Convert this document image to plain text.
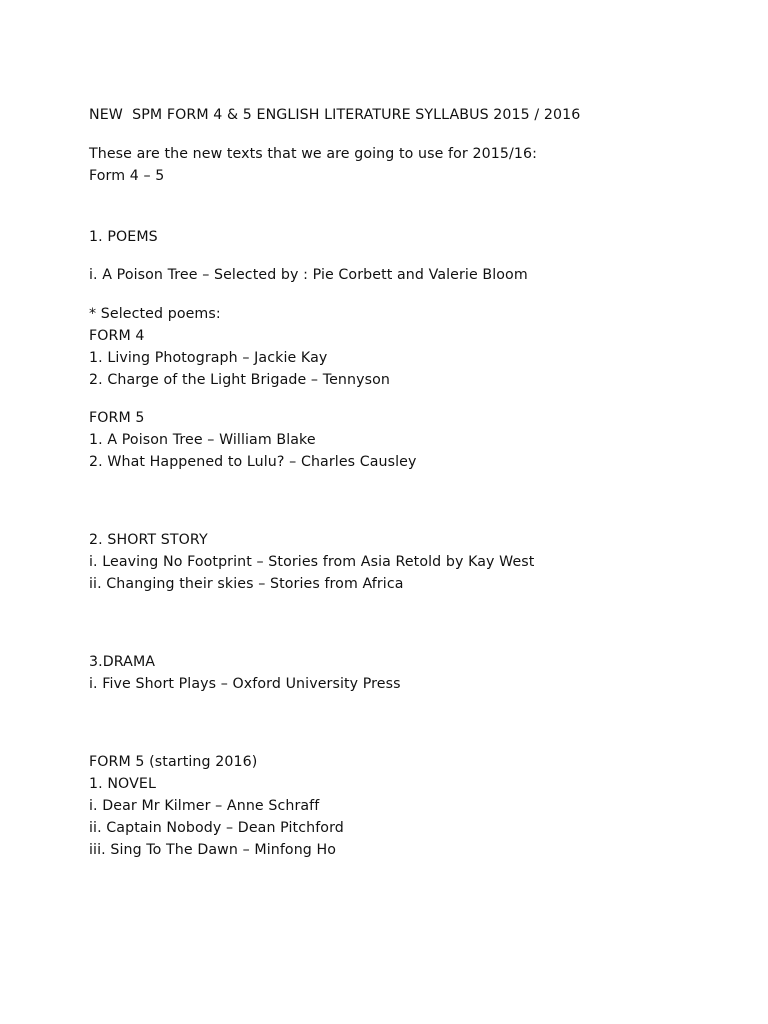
NEW  SPM FORM 4 & 5 ENGLISH LITERATURE SYLLABUS 2015 / 2016
These are the new texts that we are going to use for 2015/16:
Form 4 – 5
1. POEMS
i. A Poison Tree – Selected by : Pie Corbett and Valerie Bloom
* Selected poems:
FORM 4
1. Living Photograph – Jackie Kay
2. Charge of the Light Brigade – Tennyson
FORM 5
1. A Poison Tree – William Blake
2. What Happened to Lulu? – Charles Causley
2. SHORT STORY
i. Leaving No Footprint – Stories from Asia Retold by Kay West
ii. Changing their skies – Stories from Africa
3.DRAMA
i. Five Short Plays – Oxford University Press
FORM 5 (starting 2016)
1. NOVEL
i. Dear Mr Kilmer – Anne Schraff
ii. Captain Nobody – Dean Pitchford
iii. Sing To The Dawn – Minfong Ho
